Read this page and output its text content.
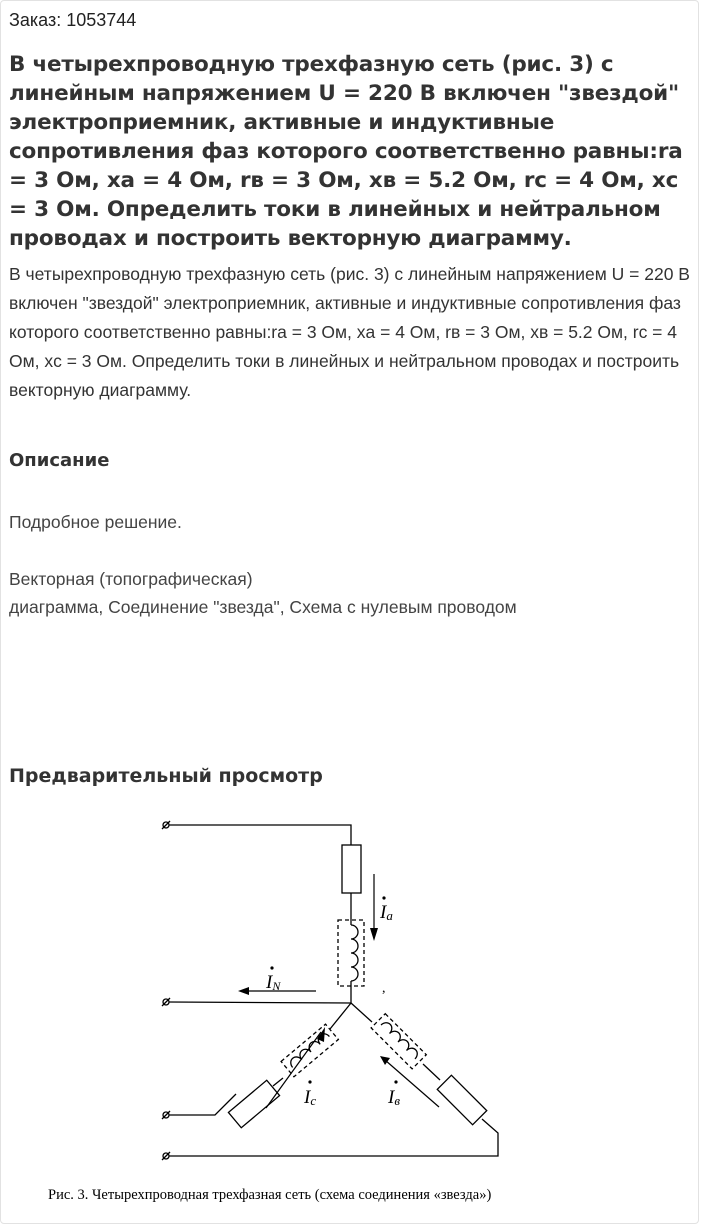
Заказ: 1053744
В четырехпроводную трехфазную сеть (рис. 3) с линейным напряжением U = 220 В включен "звездой" электроприемник, активные и индуктивные сопротивления фаз которого соответственно равны:ra = 3 Ом, xa = 4 Ом, rв = 3 Ом, xв = 5.2 Ом, rc = 4 Ом, xc = 3 Ом. Определить токи в линейных и нейтральном проводах и построить векторную диаграмму.

В четырехпроводную трехфазную сеть (рис. 3) с линейным напряжением U = 220 В включен "звездой" электроприемник, активные и индуктивные сопротивления фаз которого соответственно равны:ra = 3 Ом, xa = 4 Ом, rв = 3 Ом, xв = 5.2 Ом, rc = 4 Ом, xc = 3 Ом. Определить токи в линейных и нейтральном проводах и построить векторную диаграмму.

Описание

Подробное решение.

Векторная (топографическая)

диаграмма, Соединение "звезда", Схема с нулевым проводом

Предварительный просмотр
Ia
IN
Ic	Iв
,
Рис. 3. Четырехпроводная трехфазная сеть (схема соединения «звезда»)
